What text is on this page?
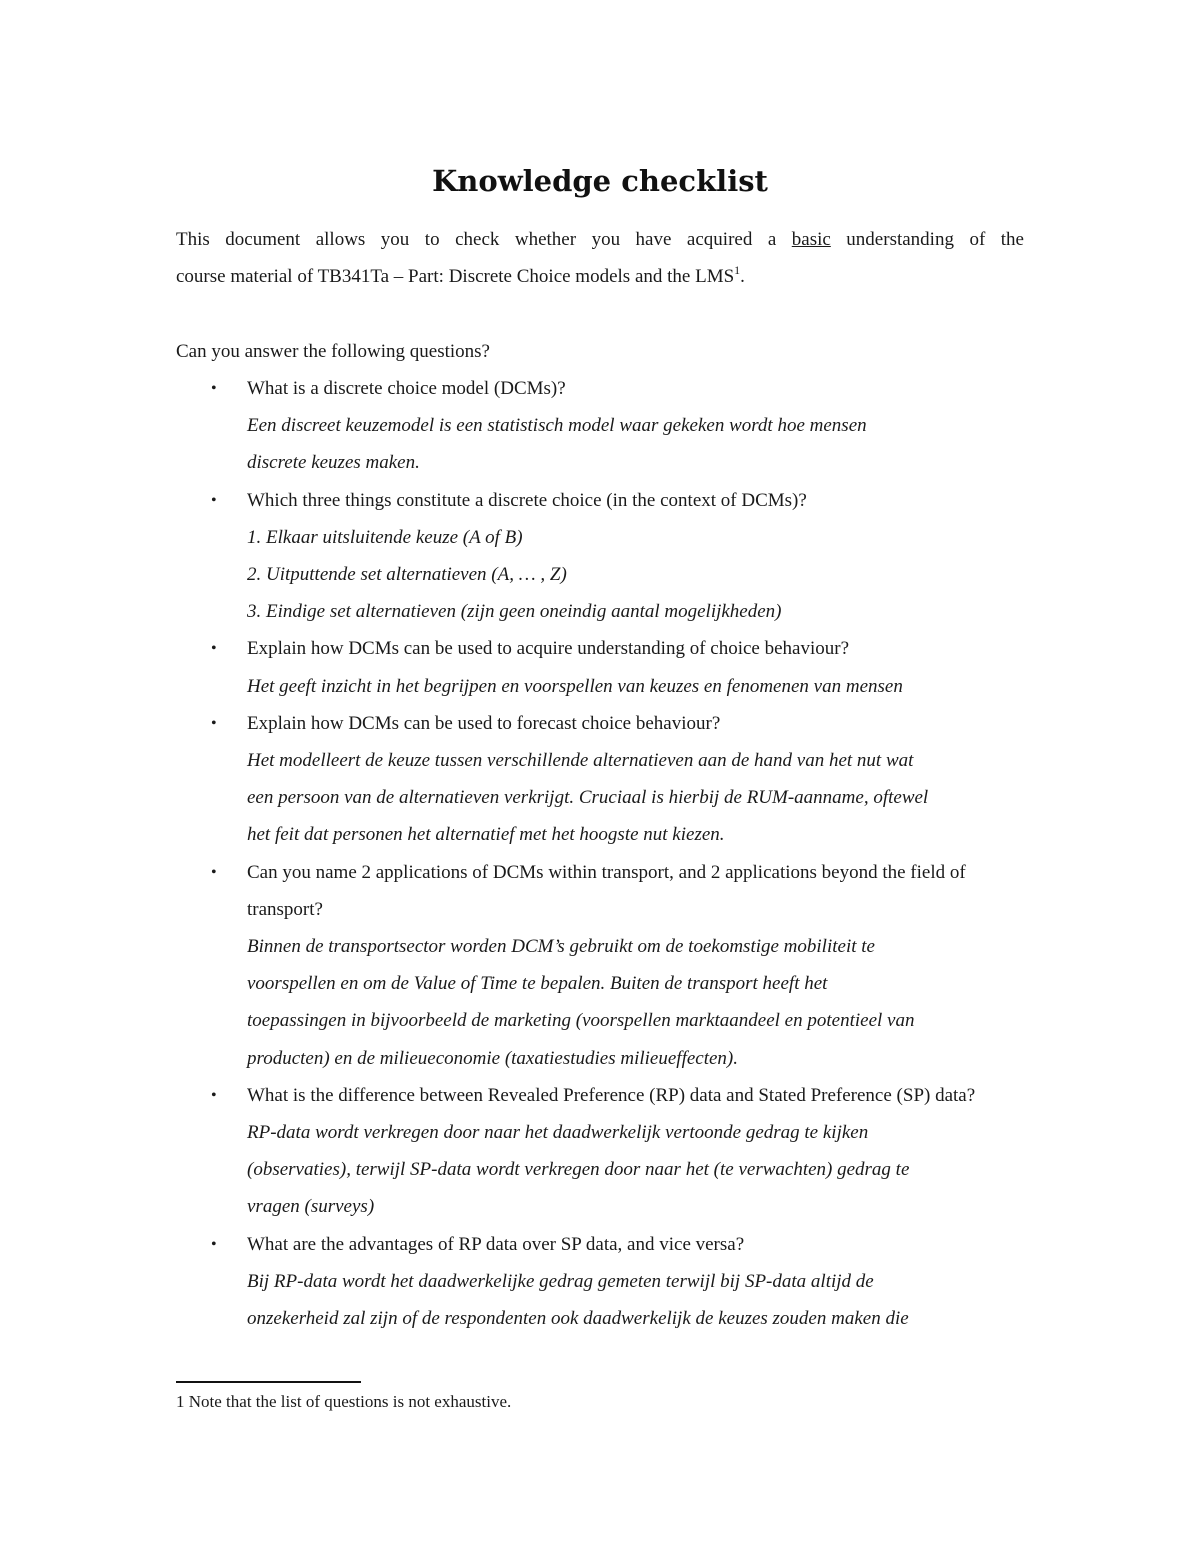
Knowledge checklist
This document allows you to check whether you have acquired a basic understanding of the
course material of TB341Ta – Part: Discrete Choice models and the LMS$^1$.
Can you answer the following questions?
• What is a discrete choice model (DCMs)?
Een discreet keuzemodel is een statistisch model waar gekeken wordt hoe mensen
discrete keuzes maken.
• Which three things constitute a discrete choice (in the context of DCMs)?
1. Elkaar uitsluitende keuze (A of B)
2. Uitputtende set alternatieven (A, … , Z)
3. Eindige set alternatieven (zijn geen oneindig aantal mogelijkheden)
• Explain how DCMs can be used to acquire understanding of choice behaviour?
Het geeft inzicht in het begrijpen en voorspellen van keuzes en fenomenen van mensen
• Explain how DCMs can be used to forecast choice behaviour?
Het modelleert de keuze tussen verschillende alternatieven aan de hand van het nut wat
een persoon van de alternatieven verkrijgt. Cruciaal is hierbij de RUM-aanname, oftewel
het feit dat personen het alternatief met het hoogste nut kiezen.
• Can you name 2 applications of DCMs within transport, and 2 applications beyond the field of transport?
Binnen de transportsector worden DCM’s gebruikt om de toekomstige mobiliteit te
voorspellen en om de Value of Time te bepalen. Buiten de transport heeft het
toepassingen in bijvoorbeeld de marketing (voorspellen marktaandeel en potentieel van
producten) en de milieueconomie (taxatiestudies milieueffecten).
• What is the difference between Revealed Preference (RP) data and Stated Preference (SP) data?
RP-data wordt verkregen door naar het daadwerkelijk vertoonde gedrag te kijken
(observaties), terwijl SP-data wordt verkregen door naar het (te verwachten) gedrag te
vragen (surveys)
• What are the advantages of RP data over SP data, and vice versa?
Bij RP-data wordt het daadwerkelijke gedrag gemeten terwijl bij SP-data altijd de
onzekerheid zal zijn of de respondenten ook daadwerkelijk de keuzes zouden maken die
1 Note that the list of questions is not exhaustive.
